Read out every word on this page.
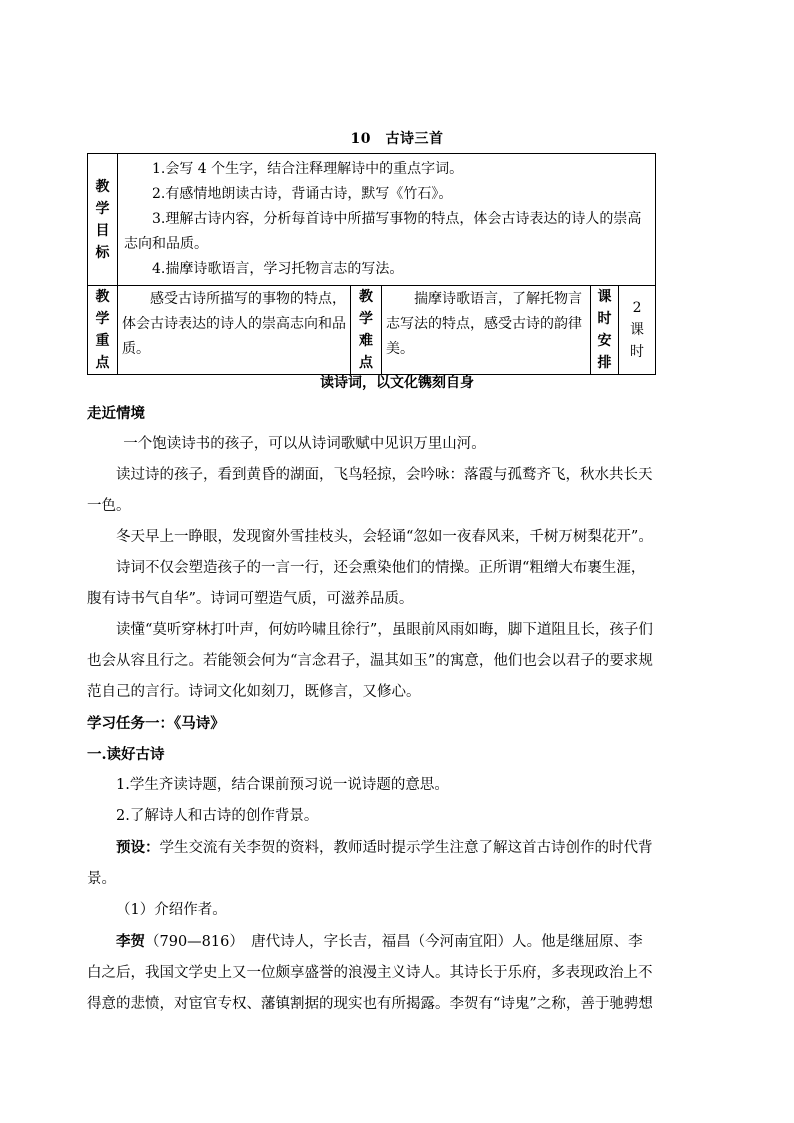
10　古诗三首
教学目标	1.会写 4 个生字，结合注释理解诗中的重点字词。

2.有感情地朗读古诗，背诵古诗，默写《竹石》。

3.理解古诗内容，分析每首诗中所描写事物的特点，体会古诗表达的诗人的崇高志向和品质。

4.揣摩诗歌语言，学习托物言志的写法。				

教学重点	感受古诗所描写的事物的特点，体会古诗表达的诗人的崇高志向和品质。	教学难点	揣摩诗歌语言，了解托物言志写法的特点，感受古诗的韵律美。	课时安排	2课时
读诗词，以文化镌刻自身

走近情境

一个饱读诗书的孩子，可以从诗词歌赋中见识万里山河。

读过诗的孩子，看到黄昏的湖面，飞鸟轻掠，会吟咏：落霞与孤鹜齐飞，秋水共长天一色。

冬天早上一睁眼，发现窗外雪挂枝头，会轻诵“忽如一夜春风来，千树万树梨花开”。

诗词不仅会塑造孩子的一言一行，还会熏染他们的情操。正所谓“粗缯大布裹生涯，腹有诗书气自华”。诗词可塑造气质，可滋养品质。

读懂“莫听穿林打叶声，何妨吟啸且徐行”，虽眼前风雨如晦，脚下道阻且长，孩子们也会从容且行之。若能领会何为“言念君子，温其如玉”的寓意，他们也会以君子的要求规范自己的言行。诗词文化如刻刀，既修言，又修心。

学习任务一：《马诗》

一.读好古诗

1.学生齐读诗题，结合课前预习说一说诗题的意思。

2.了解诗人和古诗的创作背景。

预设：学生交流有关李贺的资料，教师适时提示学生注意了解这首古诗创作的时代背景。

（1）介绍作者。

李贺（790—816）　唐代诗人，字长吉，福昌（今河南宜阳）人。他是继屈原、李白之后，我国文学史上又一位颇享盛誉的浪漫主义诗人。其诗长于乐府，多表现政治上不得意的悲愤，对宦官专权、藩镇割据的现实也有所揭露。李贺有“诗鬼”之称，善于驰骋想
